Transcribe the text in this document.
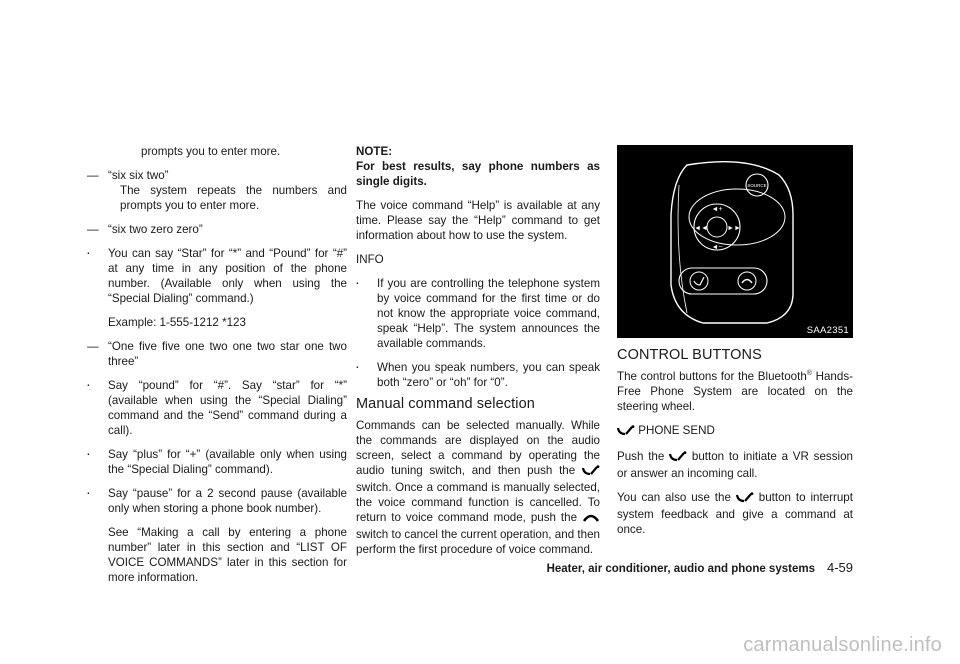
prompts you to enter more.

— “six six two”

The system repeats the numbers and prompts you to enter more.

— “six two zero zero”

. You can say “Star” for “*” and “Pound” for “#” at any time in any position of the phone number. (Available only when using the “Special Dialing” command.)

Example: 1-555-1212 *123

— “One five five one two one two star one two three”

. Say “pound” for “#”. Say “star” for “*” (available when using the “Special Dialing” command and the “Send” command during a call).

. Say “plus” for “+” (available only when using the “Special Dialing” command).

. Say “pause” for a 2 second pause (available only when storing a phone book number).

See “Making a call by entering a phone number” later in this section and “LIST OF VOICE COMMANDS” later in this section for more information.

NOTE:

For best results, say phone numbers as single digits.

The voice command “Help” is available at any time. Please say the “Help” command to get information about how to use the system.

INFO

. If you are controlling the telephone system by voice command for the first time or do not know the appropriate voice command, speak “Help”. The system announces the available commands.

. When you speak numbers, you can speak both “zero” or “oh” for “0”.

Manual command selection

Commands can be selected manually. While the commands are displayed on the audio screen, select a command by operating the audio tuning switch, and then push the  switch. Once a command is manually selected, the voice command function is cancelled. To return to voice command mode, push the  switch to cancel the current operation, and then perform the first procedure of voice command.

SOURCE
◄+
◄−
◄◄	►►
SAA2351
CONTROL BUTTONS

The control buttons for the Bluetooth® Hands-Free Phone System are located on the steering wheel.

PHONE SEND

Push the button to initiate a VR session or answer an incoming call.

You can also use the button to interrupt system feedback and give a command at once.

Heater, air conditioner, audio and phone systems 4-59
carmanualsonline.info
